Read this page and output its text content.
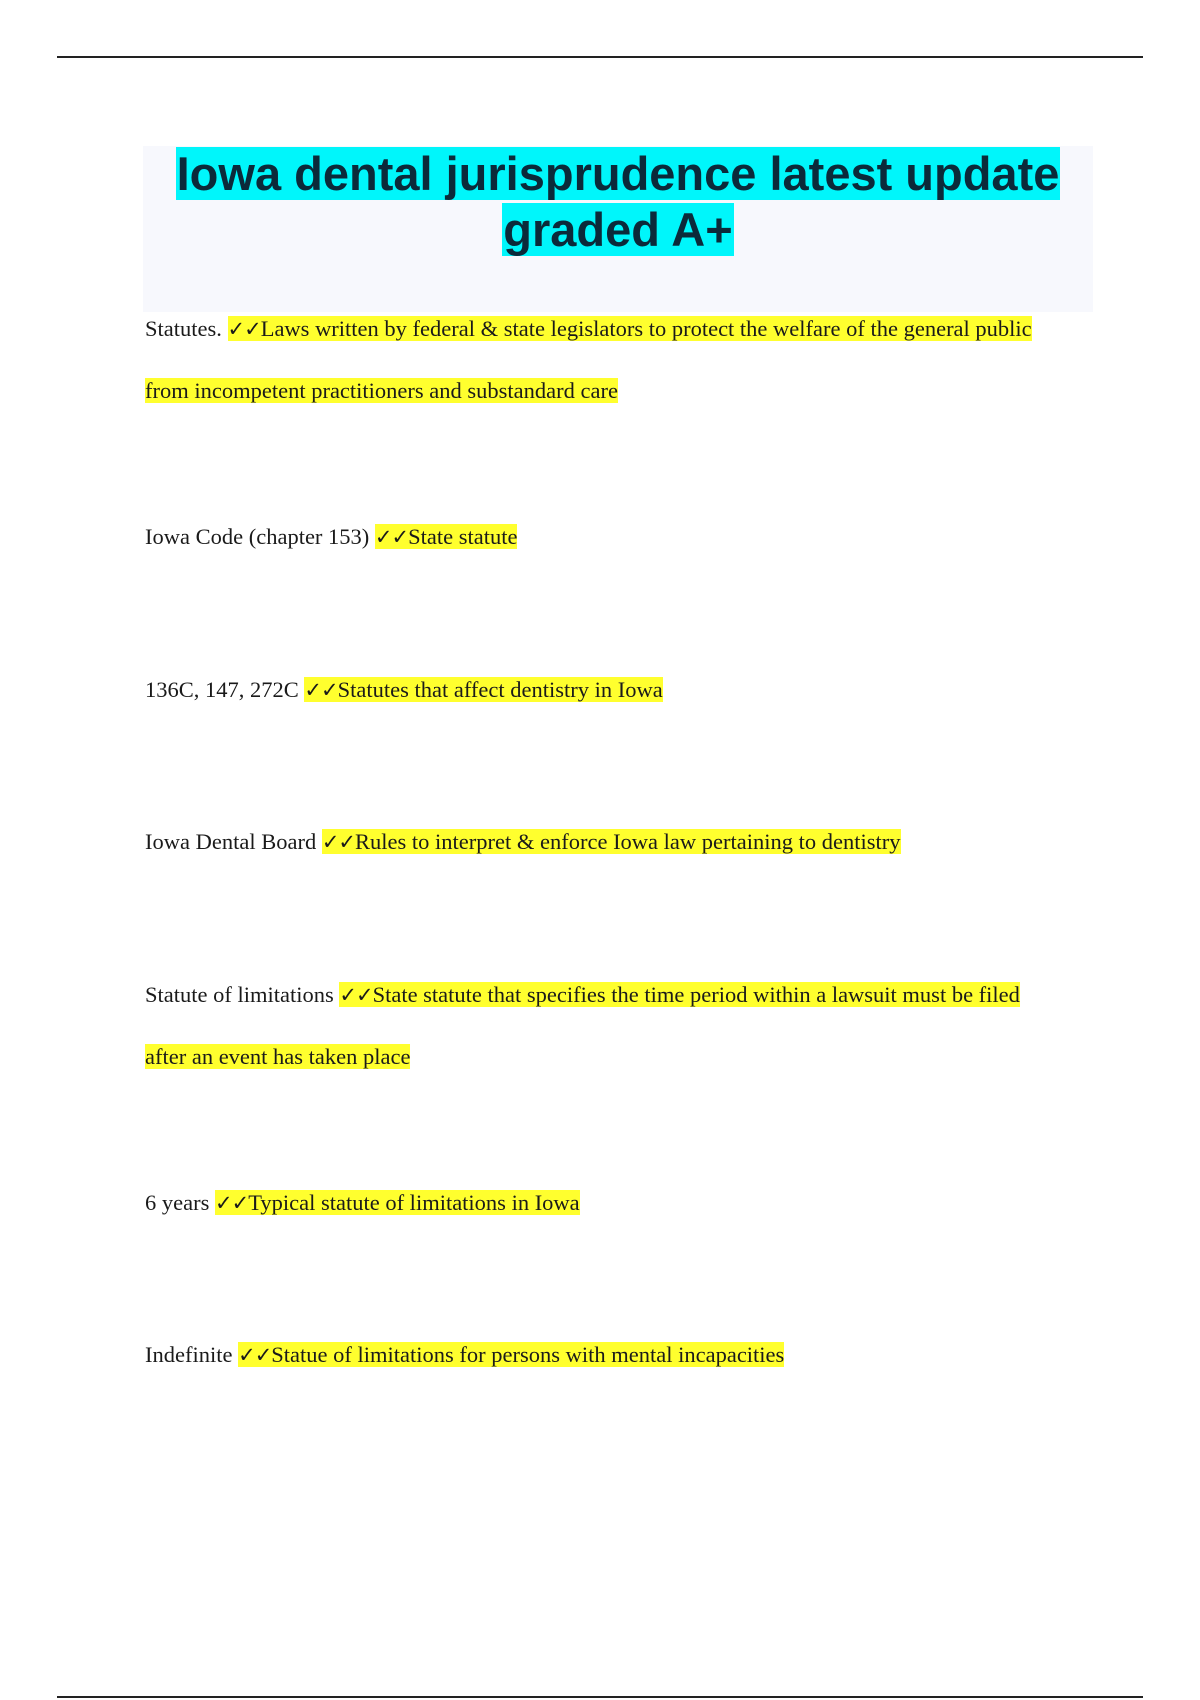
Iowa dental jurisprudence latest update
graded A+

Statutes. ✓✓Laws written by federal & state legislators to protect the welfare of the general public from incompetent practitioners and substandard care

Iowa Code (chapter 153) ✓✓State statute

136C, 147, 272C ✓✓Statutes that affect dentistry in Iowa

Iowa Dental Board ✓✓Rules to interpret & enforce Iowa law pertaining to dentistry

Statute of limitations ✓✓State statute that specifies the time period within a lawsuit must be filed after an event has taken place

6 years ✓✓Typical statute of limitations in Iowa

Indefinite ✓✓Statue of limitations for persons with mental incapacities
